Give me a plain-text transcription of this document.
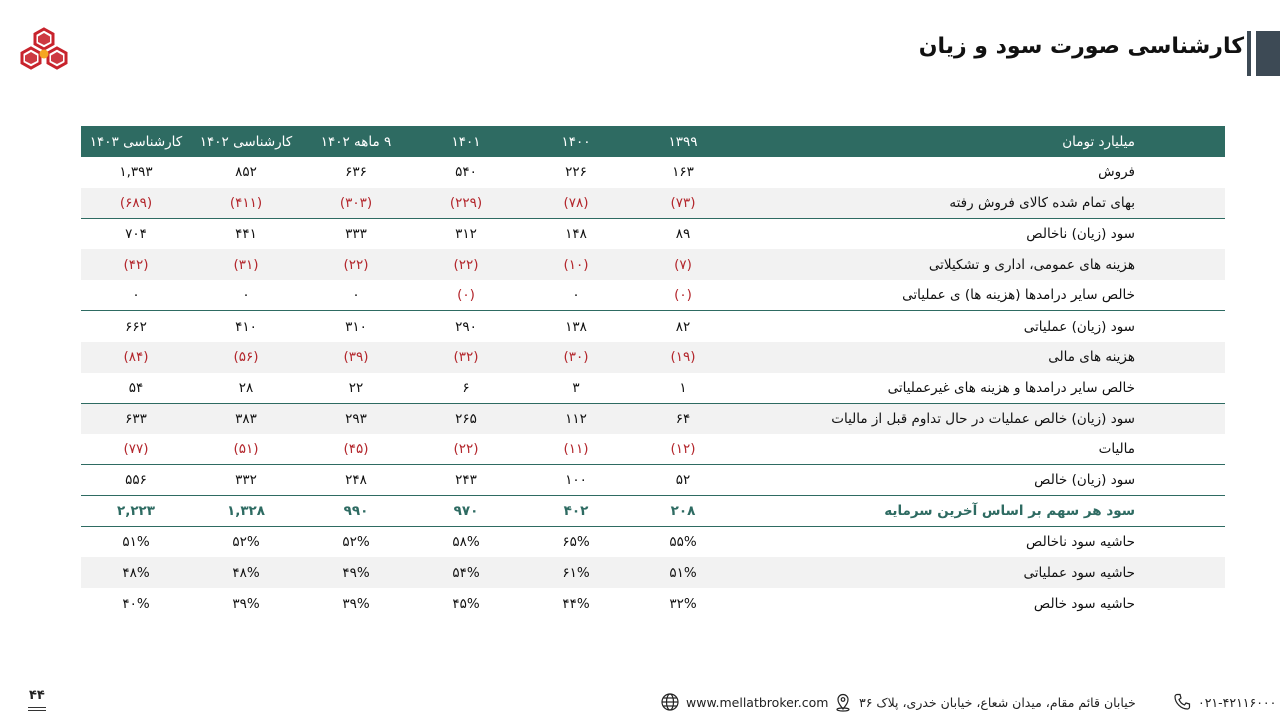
کارشناسی صورت سود و زیان
میلیارد تومان	۱۳۹۹	۱۴۰۰	۱۴۰۱	۹ ماهه ۱۴۰۲	کارشناسی ۱۴۰۲	کارشناسی ۱۴۰۳
فروش	۱۶۳	۲۲۶	۵۴۰	۶۳۶	۸۵۲	۱,۳۹۳
بهای تمام شده کالای فروش رفته	(۷۳)	(۷۸)	(۲۲۹)	(۳۰۳)	(۴۱۱)	(۶۸۹)
سود (زیان) ناخالص	۸۹	۱۴۸	۳۱۲	۳۳۳	۴۴۱	۷۰۴
هزینه های عمومی، اداری و تشکیلاتی	(۷)	(۱۰)	(۲۲)	(۲۲)	(۳۱)	(۴۲)
خالص سایر درامدها (هزینه ها) ی عملیاتی	(۰)	۰	(۰)	۰	۰	۰
سود (زیان) عملیاتی	۸۲	۱۳۸	۲۹۰	۳۱۰	۴۱۰	۶۶۲
هزینه های مالی	(۱۹)	(۳۰)	(۳۲)	(۳۹)	(۵۶)	(۸۴)
خالص سایر درامدها و هزینه های غیرعملیاتی	۱	۳	۶	۲۲	۲۸	۵۴
سود (زیان) خالص عملیات در حال تداوم قبل از مالیات	۶۴	۱۱۲	۲۶۵	۲۹۳	۳۸۳	۶۳۳
مالیات	(۱۲)	(۱۱)	(۲۲)	(۴۵)	(۵۱)	(۷۷)
سود (زیان) خالص	۵۲	۱۰۰	۲۴۳	۲۴۸	۳۳۲	۵۵۶
سود هر سهم بر اساس آخرین سرمایه	۲۰۸	۴۰۲	۹۷۰	۹۹۰	۱,۳۲۸	۲,۲۲۳
حاشیه سود ناخالص	۵۵%	۶۵%	۵۸%	۵۲%	۵۲%	۵۱%
حاشیه سود عملیاتی	۵۱%	۶۱%	۵۴%	۴۹%	۴۸%	۴۸%
حاشیه سود خالص	۳۲%	۴۴%	۴۵%	۳۹%	۳۹%	۴۰%
۴۴	www.mellatbroker.com خیابان قائم مقام، میدان شعاع، خیابان خدری، پلاک ۳۶	۰۲۱-۴۲۱۱۶۰۰۰
